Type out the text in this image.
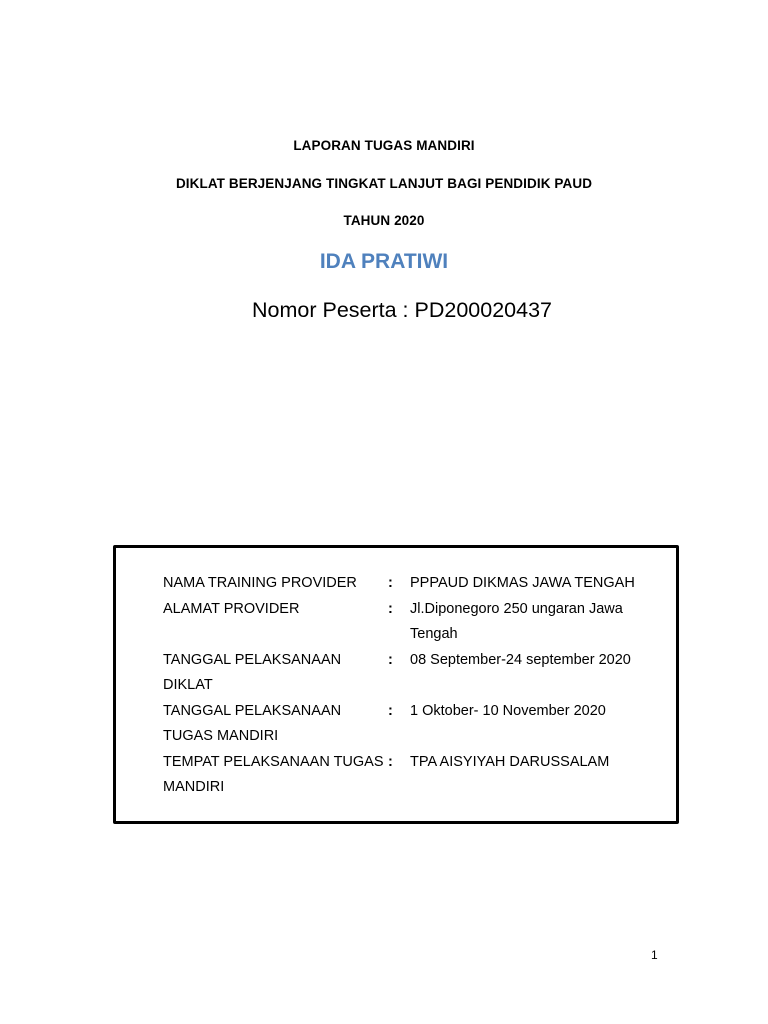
LAPORAN TUGAS MANDIRI
DIKLAT BERJENJANG TINGKAT LANJUT BAGI PENDIDIK PAUD
TAHUN 2020
IDA PRATIWI
Nomor Peserta : PD200020437
NAMA TRAINING PROVIDER	:	PPPAUD DIKMAS JAWA TENGAH
ALAMAT PROVIDER	:	Jl.Diponegoro 250 ungaran Jawa Tengah
TANGGAL PELAKSANAAN DIKLAT	:	08 September-24 september 2020
TANGGAL PELAKSANAAN TUGAS MANDIRI	:	1 Oktober- 10 November 2020
TEMPAT PELAKSANAAN TUGAS MANDIRI	:	TPA AISYIYAH DARUSSALAM
1
